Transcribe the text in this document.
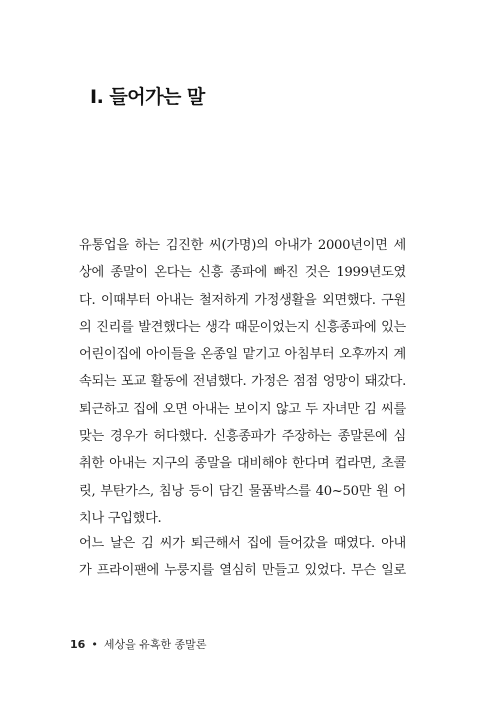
I. 들어가는 말

유통업을 하는 김진한 씨(가명)의 아내가 2000년이면 세
상에 종말이 온다는 신흥 종파에 빠진 것은 1999년도였
다. 이때부터 아내는 철저하게 가정생활을 외면했다. 구원
의 진리를 발견했다는 생각 때문이었는지 신흥종파에 있는
어린이집에 아이들을 온종일 맡기고 아침부터 오후까지 계
속되는 포교 활동에 전념했다. 가정은 점점 엉망이 돼갔다.
퇴근하고 집에 오면 아내는 보이지 않고 두 자녀만 김 씨를
맞는 경우가 허다했다. 신흥종파가 주장하는 종말론에 심
취한 아내는 지구의 종말을 대비해야 한다며 컵라면, 초콜
릿, 부탄가스, 침낭 등이 담긴 물품박스를 40~50만 원 어
치나 구입했다.

어느 날은 김 씨가 퇴근해서 집에 들어갔을 때였다. 아내
가 프라이팬에 누룽지를 열심히 만들고 있었다. 무슨 일로

16 • 세상을 유혹한 종말론
